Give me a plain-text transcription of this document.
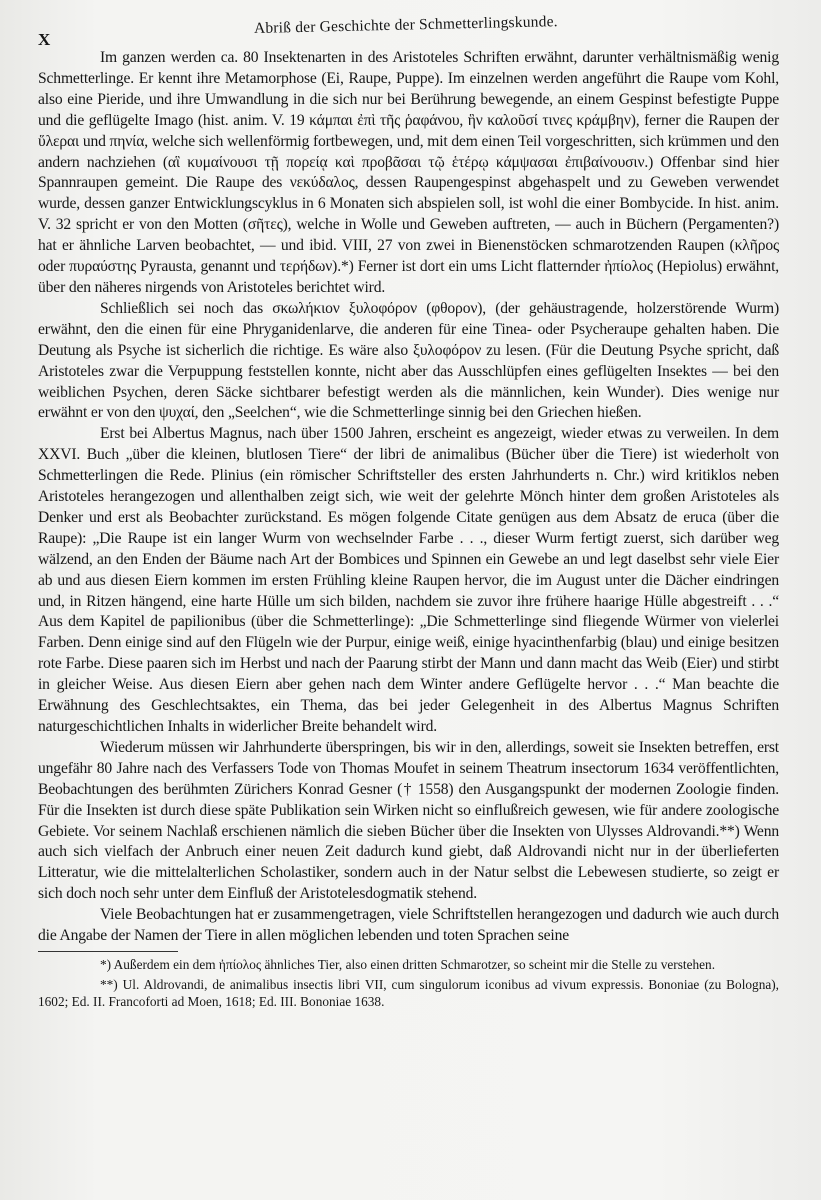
X
Abriß der Geschichte der Schmetterlingskunde.

Im ganzen werden ca. 80 Insektenarten in des Aristoteles Schriften erwähnt, darunter verhältnismäßig wenig Schmetterlinge. Er kennt ihre Metamorphose (Ei, Raupe, Puppe). Im einzelnen werden angeführt die Raupe vom Kohl, also eine Pieride, und ihre Umwandlung in die sich nur bei Berührung bewegende, an einem Gespinst befestigte Puppe und die geflügelte Imago (hist. anim. V. 19 κάμπαι ἐπὶ τῆς ῥαφάνου, ἣν καλοῦσί τινες κράμβην), ferner die Raupen der ὕλεραι und πηνία, welche sich wellenförmig fortbewegen, und, mit dem einen Teil vorgeschritten, sich krümmen und den andern nachziehen (αἳ κυμαίνουσι τῇ πορείᾳ καὶ προβᾶσαι τῷ ἑτέρῳ κάμψασαι ἐπιβαίνουσιν.) Offenbar sind hier Spannraupen gemeint. Die Raupe des νεκύδαλος, dessen Raupengespinst abgehaspelt und zu Geweben verwendet wurde, dessen ganzer Entwicklungscyklus in 6 Monaten sich abspielen soll, ist wohl die einer Bombycide. In hist. anim. V. 32 spricht er von den Motten (σῆτες), welche in Wolle und Geweben auftreten, — auch in Büchern (Pergamenten?) hat er ähnliche Larven beobachtet, — und ibid. VIII, 27 von zwei in Bienenstöcken schmarotzenden Raupen (κλῆρος oder πυραύστης Pyrausta, genannt und τερήδων).*) Ferner ist dort ein ums Licht flatternder ἠπίολος (Hepiolus) erwähnt, über den näheres nirgends von Aristoteles berichtet wird.

Schließlich sei noch das σκωλήκιον ξυλοφόρον (φθορον), (der gehäustragende, holzerstörende Wurm) erwähnt, den die einen für eine Phryganidenlarve, die anderen für eine Tinea- oder Psycheraupe gehalten haben. Die Deutung als Psyche ist sicherlich die richtige. Es wäre also ξυλοφόρον zu lesen. (Für die Deutung Psyche spricht, daß Aristoteles zwar die Verpuppung feststellen konnte, nicht aber das Ausschlüpfen eines geflügelten Insektes — bei den weiblichen Psychen, deren Säcke sichtbarer befestigt werden als die männlichen, kein Wunder). Dies wenige nur erwähnt er von den ψυχαί, den „Seelchen“, wie die Schmetterlinge sinnig bei den Griechen hießen.

Erst bei Albertus Magnus, nach über 1500 Jahren, erscheint es angezeigt, wieder etwas zu verweilen. In dem XXVI. Buch „über die kleinen, blutlosen Tiere“ der libri de animalibus (Bücher über die Tiere) ist wiederholt von Schmetterlingen die Rede. Plinius (ein römischer Schriftsteller des ersten Jahrhunderts n. Chr.) wird kritiklos neben Aristoteles herangezogen und allenthalben zeigt sich, wie weit der gelehrte Mönch hinter dem großen Aristoteles als Denker und erst als Beobachter zurückstand. Es mögen folgende Citate genügen aus dem Absatz de eruca (über die Raupe): „Die Raupe ist ein langer Wurm von wechselnder Farbe . . ., dieser Wurm fertigt zuerst, sich darüber weg wälzend, an den Enden der Bäume nach Art der Bombices und Spinnen ein Gewebe an und legt daselbst sehr viele Eier ab und aus diesen Eiern kommen im ersten Frühling kleine Raupen hervor, die im August unter die Dächer eindringen und, in Ritzen hängend, eine harte Hülle um sich bilden, nachdem sie zuvor ihre frühere haarige Hülle abgestreift . . .“ Aus dem Kapitel de papilionibus (über die Schmetterlinge): „Die Schmetterlinge sind fliegende Würmer von vielerlei Farben. Denn einige sind auf den Flügeln wie der Purpur, einige weiß, einige hyacinthenfarbig (blau) und einige besitzen rote Farbe. Diese paaren sich im Herbst und nach der Paarung stirbt der Mann und dann macht das Weib (Eier) und stirbt in gleicher Weise. Aus diesen Eiern aber gehen nach dem Winter andere Geflügelte hervor . . .“ Man beachte die Erwähnung des Geschlechtsaktes, ein Thema, das bei jeder Gelegenheit in des Albertus Magnus Schriften naturgeschichtlichen Inhalts in widerlicher Breite behandelt wird.

Wiederum müssen wir Jahrhunderte überspringen, bis wir in den, allerdings, soweit sie Insekten betreffen, erst ungefähr 80 Jahre nach des Verfassers Tode von Thomas Moufet in seinem Theatrum insectorum 1634 veröffentlichten, Beobachtungen des berühmten Zürichers Konrad Gesner († 1558) den Ausgangspunkt der modernen Zoologie finden. Für die Insekten ist durch diese späte Publikation sein Wirken nicht so einflußreich gewesen, wie für andere zoologische Gebiete. Vor seinem Nachlaß erschienen nämlich die sieben Bücher über die Insekten von Ulysses Aldrovandi.**) Wenn auch sich vielfach der Anbruch einer neuen Zeit dadurch kund giebt, daß Aldrovandi nicht nur in der überlieferten Litteratur, wie die mittelalterlichen Scholastiker, sondern auch in der Natur selbst die Lebewesen studierte, so zeigt er sich doch noch sehr unter dem Einfluß der Aristotelesdogmatik stehend.

Viele Beobachtungen hat er zusammengetragen, viele Schriftstellen herangezogen und dadurch wie auch durch die Angabe der Namen der Tiere in allen möglichen lebenden und toten Sprachen seine

*) Außerdem ein dem ἠπίολος ähnliches Tier, also einen dritten Schmarotzer, so scheint mir die Stelle zu verstehen.

**) Ul. Aldrovandi, de animalibus insectis libri VII, cum singulorum iconibus ad vivum expressis. Bononiae (zu Bologna), 1602; Ed. II. Francoforti ad Moen, 1618; Ed. III. Bononiae 1638.
